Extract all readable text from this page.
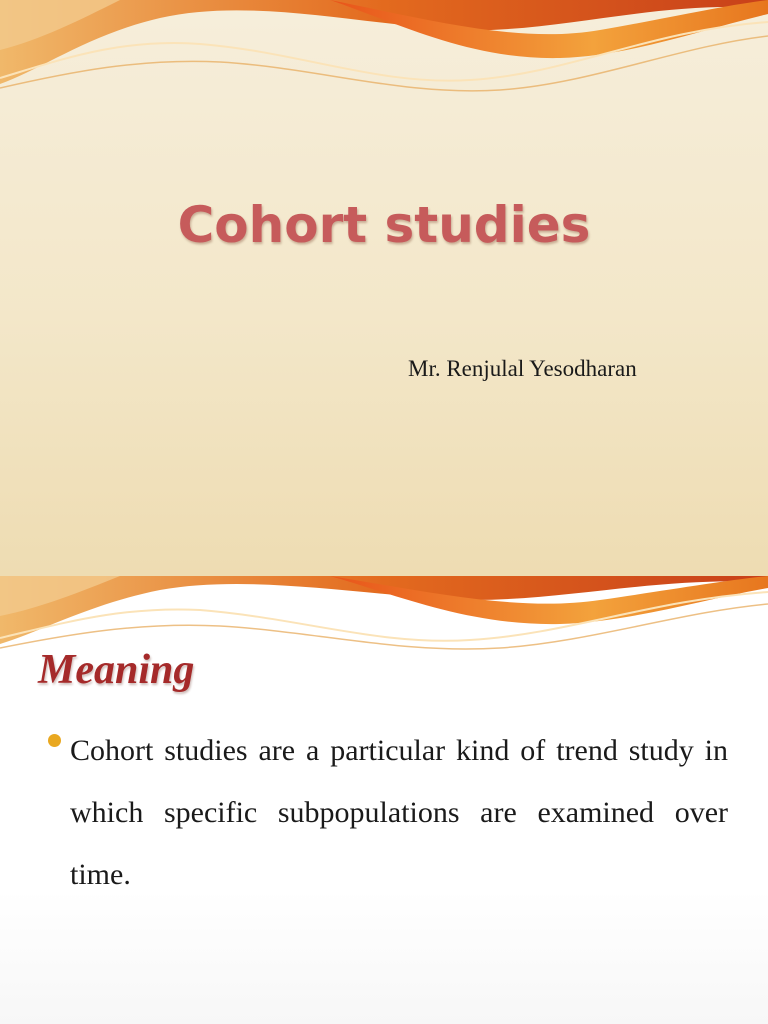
Cohort studies
Mr. Renjulal Yesodharan
Meaning
Cohort studies are a particular kind of trend study in which specific subpopulations are examined over time.
